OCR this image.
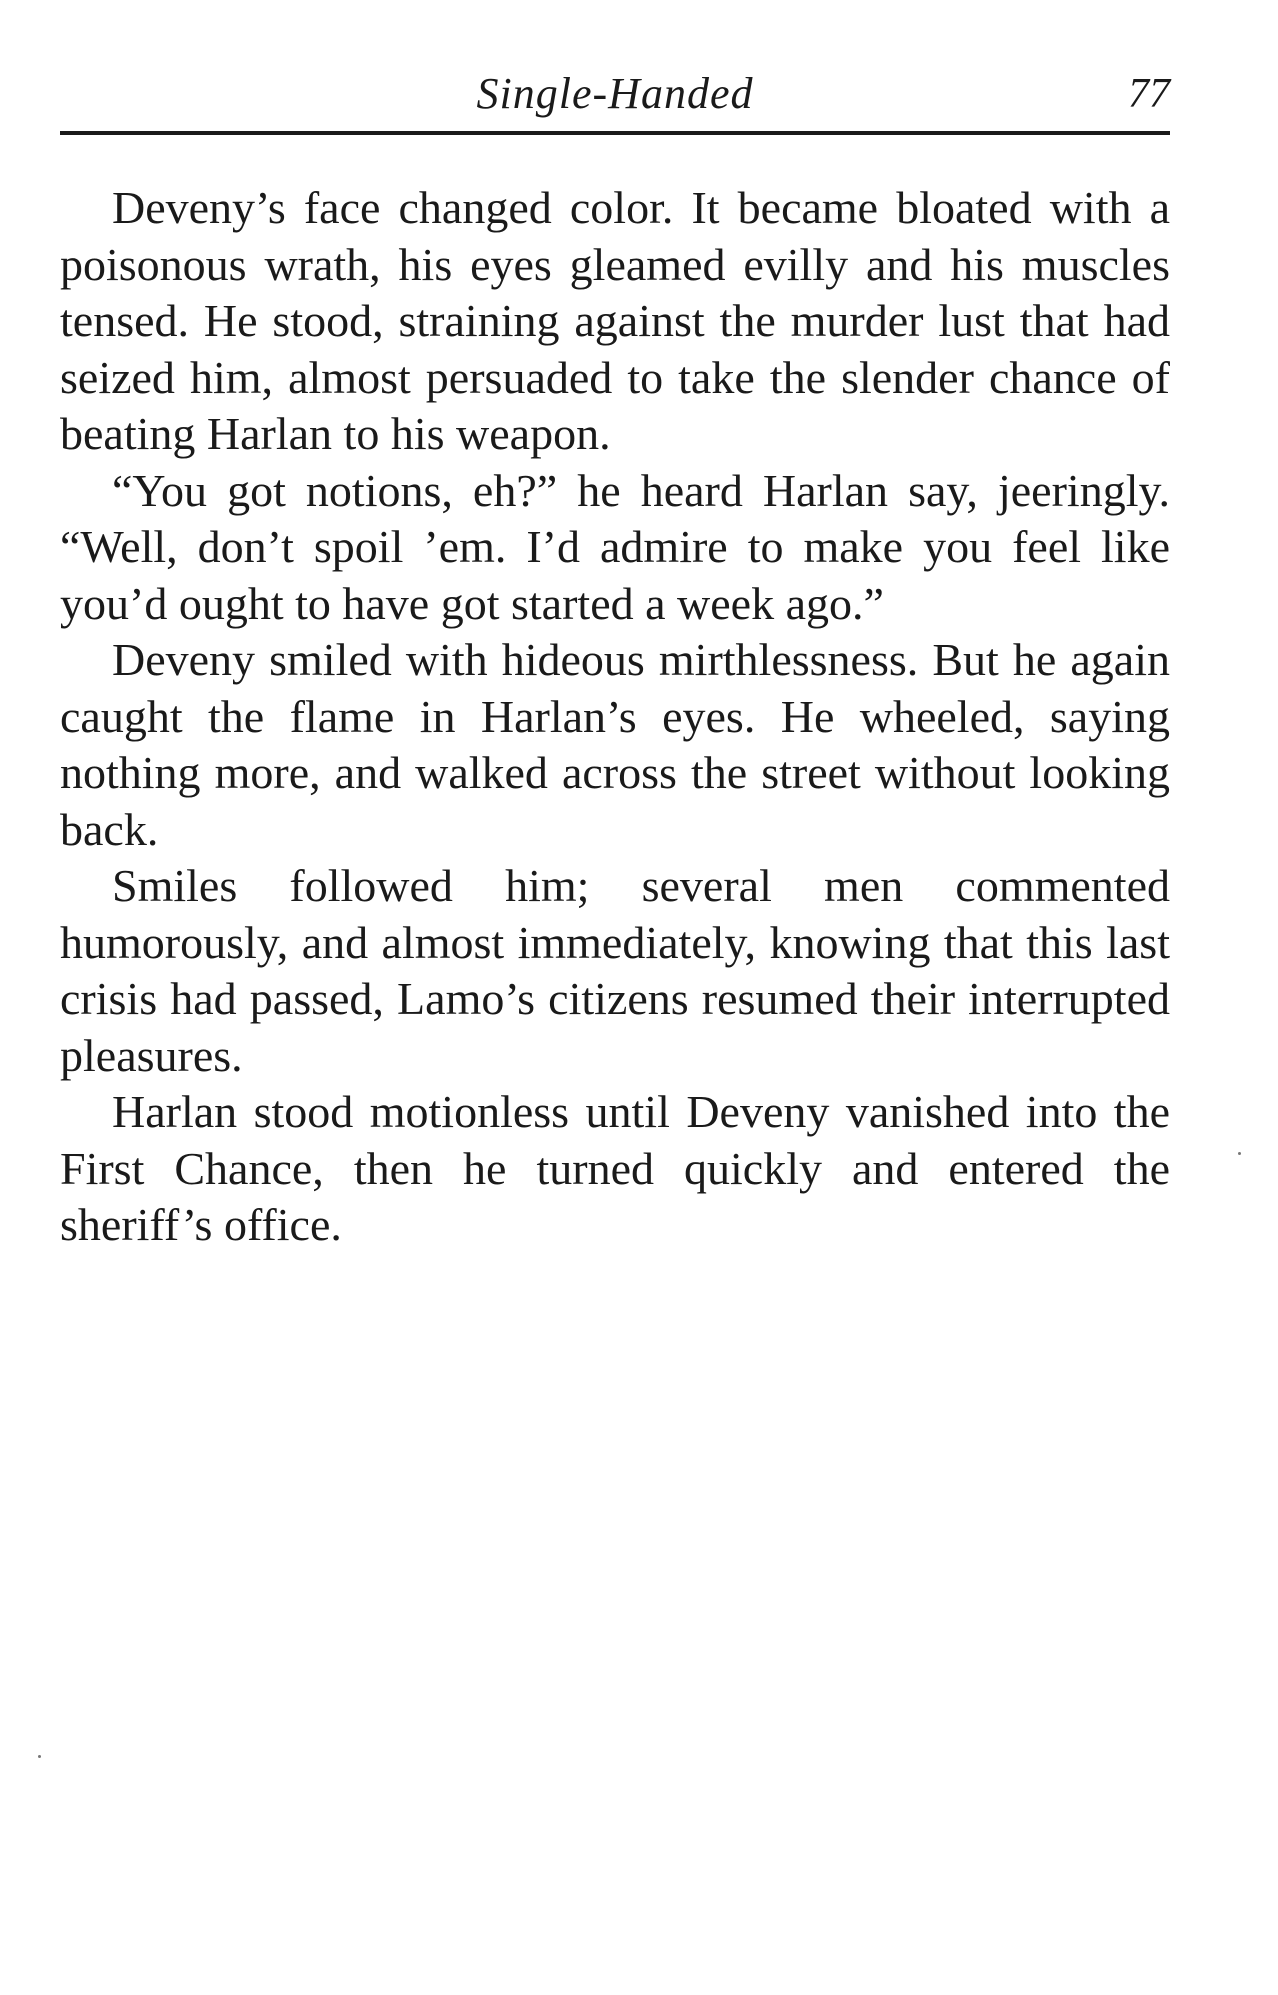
Single-Handed	77

Deveny’s face changed color. It became bloated with a poisonous wrath, his eyes gleamed evilly and his muscles tensed. He stood, straining against the murder lust that had seized him, almost persuaded to take the slender chance of beating Harlan to his weapon.

“You got notions, eh?” he heard Harlan say, jeeringly. “Well, don’t spoil ’em. I’d admire to make you feel like you’d ought to have got started a week ago.”

Deveny smiled with hideous mirthlessness. But he again caught the flame in Harlan’s eyes. He wheeled, saying nothing more, and walked across the street without looking back.

Smiles followed him; several men commented humorously, and almost immediately, knowing that this last crisis had passed, Lamo’s citizens resumed their interrupted pleasures.

Harlan stood motionless until Deveny vanished into the First Chance, then he turned quickly and entered the sheriff’s office.
